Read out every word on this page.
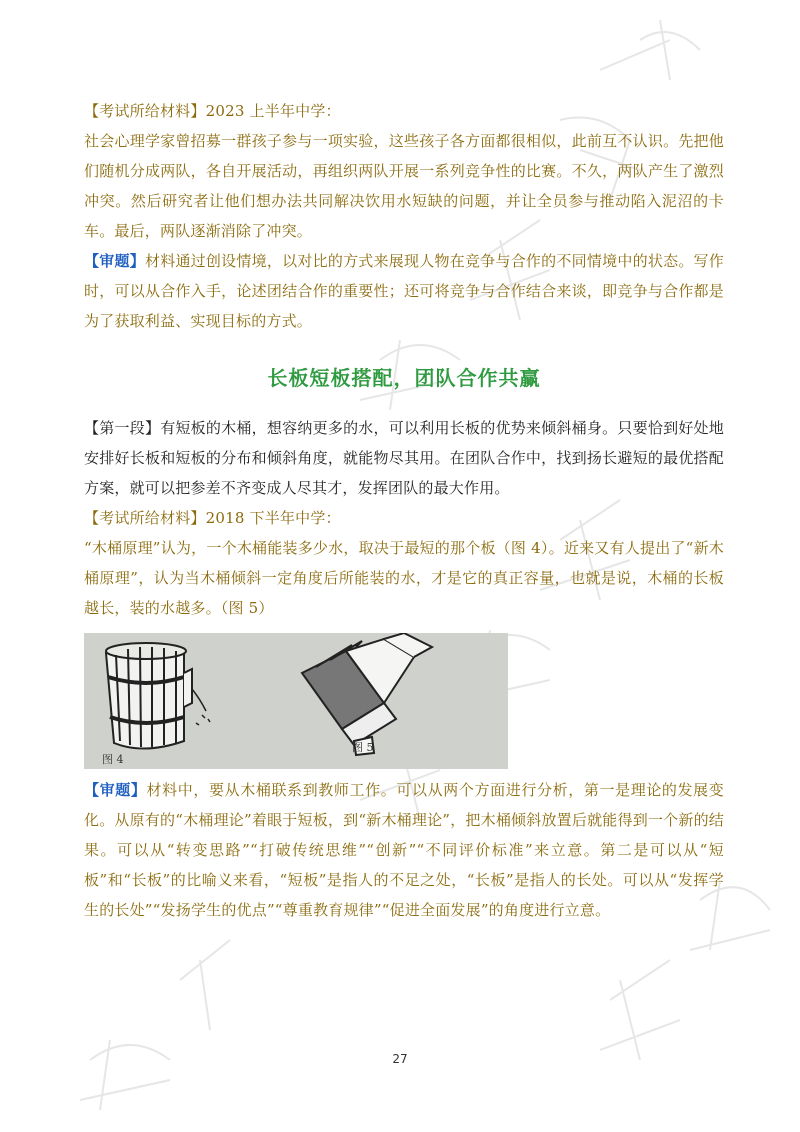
【考试所给材料】2023 上半年中学：

社会心理学家曾招募一群孩子参与一项实验，这些孩子各方面都很相似，此前互不认识。先把他们随机分成两队，各自开展活动，再组织两队开展一系列竞争性的比赛。不久，两队产生了激烈冲突。然后研究者让他们想办法共同解决饮用水短缺的问题，并让全员参与推动陷入泥沼的卡车。最后，两队逐渐消除了冲突。

【审题】材料通过创设情境，以对比的方式来展现人物在竞争与合作的不同情境中的状态。写作时，可以从合作入手，论述团结合作的重要性；还可将竞争与合作结合来谈，即竞争与合作都是为了获取利益、实现目标的方式。

长板短板搭配，团队合作共赢

【第一段】有短板的木桶，想容纳更多的水，可以利用长板的优势来倾斜桶身。只要恰到好处地安排好长板和短板的分布和倾斜角度，就能物尽其用。在团队合作中，找到扬长避短的最优搭配方案，就可以把参差不齐变成人尽其才，发挥团队的最大作用。

【考试所给材料】2018 下半年中学：

“木桶原理”认为，一个木桶能装多少水，取决于最短的那个板（图 4）。近来又有人提出了“新木桶原理”，认为当木桶倾斜一定角度后所能装的水，才是它的真正容量，也就是说，木桶的长板越长，装的水越多。（图 5）

图 4
图 5

【审题】材料中，要从木桶联系到教师工作。可以从两个方面进行分析，第一是理论的发展变化。从原有的“木桶理论”着眼于短板，到“新木桶理论”，把木桶倾斜放置后就能得到一个新的结果。可以从“转变思路”“打破传统思维”“创新”“不同评价标准”来立意。第二是可以从“短板”和“长板”的比喻义来看，“短板”是指人的不足之处，“长板”是指人的长处。可以从“发挥学生的长处”“发扬学生的优点”“尊重教育规律”“促进全面发展”的角度进行立意。

27
